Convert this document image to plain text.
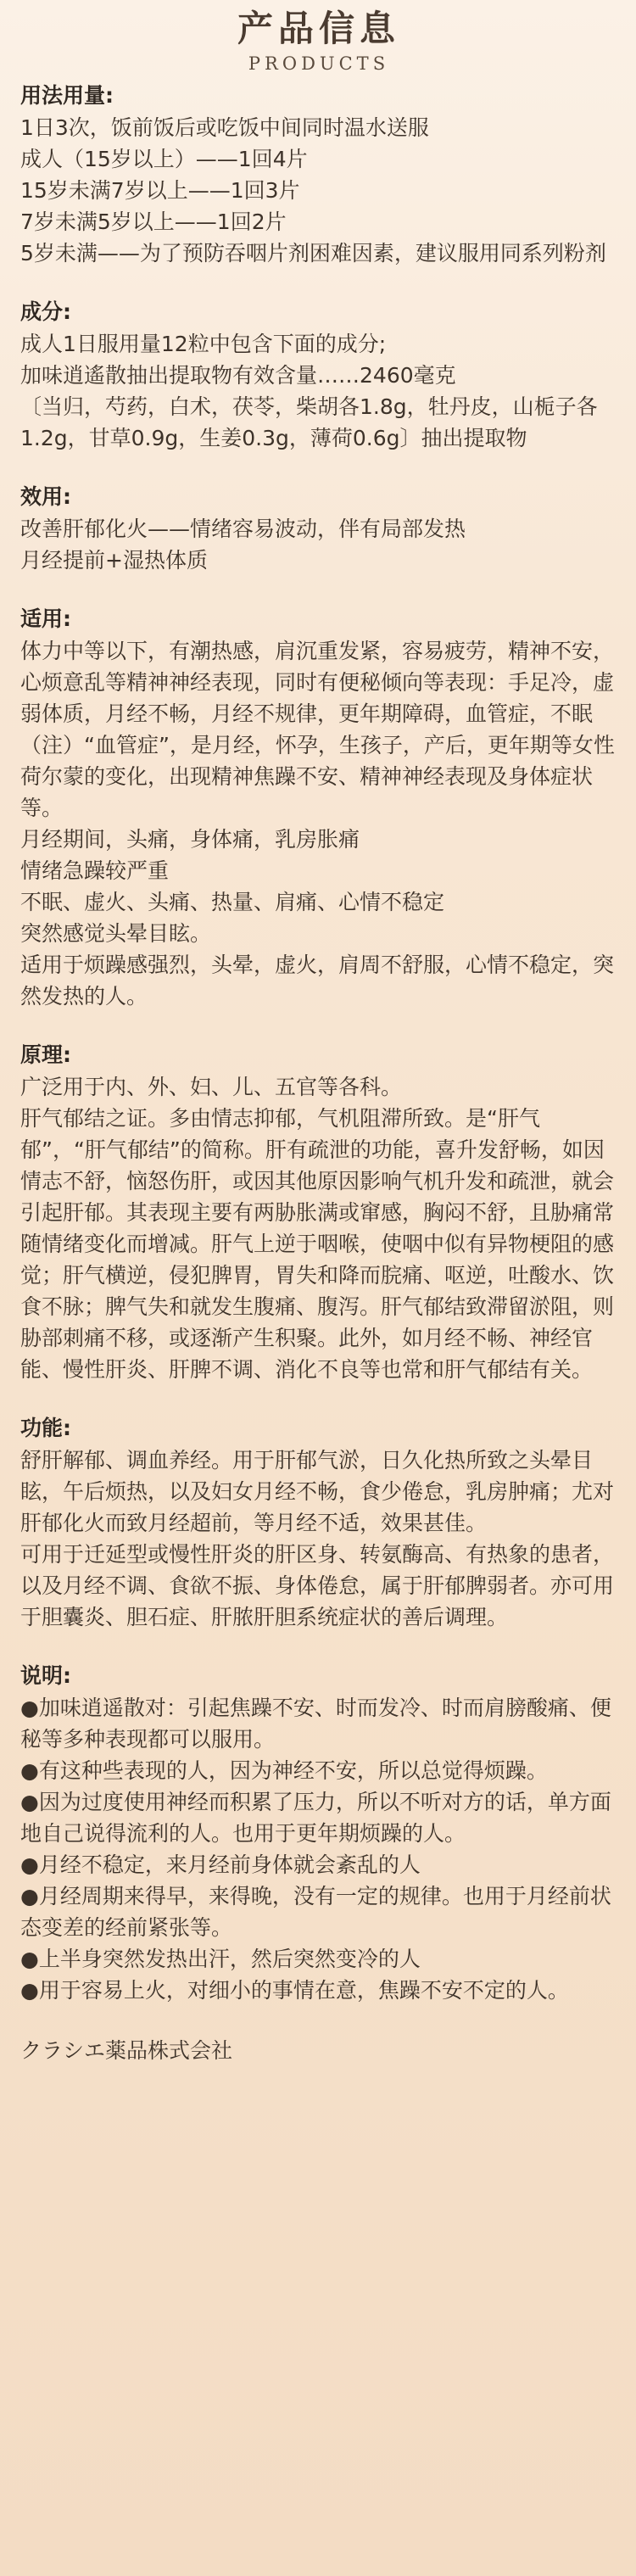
产品信息
PRODUCTS
用法用量:
1日3次，饭前饭后或吃饭中间同时温水送服
成人（15岁以上）——1回4片
15岁未满7岁以上——1回3片
7岁未满5岁以上——1回2片
5岁未满——为了预防吞咽片剂困难因素，建议服用同系列粉剂
成分:
成人1日服用量12粒中包含下面的成分;
加味逍遙散抽出提取物有效含量……2460毫克
〔当归，芍药，白术，茯苓，柴胡各1.8g，牡丹皮，山栀子各1.2g，甘草0.9g，生姜0.3g，薄荷0.6g〕抽出提取物
效用:
改善肝郁化火——情绪容易波动，伴有局部发热
月经提前+湿热体质
适用:
体力中等以下，有潮热感，肩沉重发紧，容易疲劳，精神不安，心烦意乱等精神神经表现，同时有便秘倾向等表现：手足冷，虚弱体质，月经不畅，月经不规律，更年期障碍，血管症，不眠
（注）“血管症”，是月经，怀孕，生孩子，产后，更年期等女性荷尔蒙的变化，出现精神焦躁不安、精神神经表现及身体症状等。
月经期间，头痛，身体痛，乳房胀痛
情绪急躁较严重
不眠、虚火、头痛、热量、肩痛、心情不稳定
突然感觉头晕目眩。
适用于烦躁感强烈，头晕，虚火，肩周不舒服，心情不稳定，突然发热的人。
原理:
广泛用于内、外、妇、儿、五官等各科。
肝气郁结之证。多由情志抑郁，气机阻滞所致。是“肝气郁”，“肝气郁结”的简称。肝有疏泄的功能，喜升发舒畅，如因情志不舒，恼怒伤肝，或因其他原因影响气机升发和疏泄，就会引起肝郁。其表现主要有两胁胀满或窜感，胸闷不舒，且胁痛常随情绪变化而增减。肝气上逆于咽喉，使咽中似有异物梗阻的感觉；肝气横逆，侵犯脾胃，胃失和降而脘痛、呕逆，吐酸水、饮食不脉；脾气失和就发生腹痛、腹泻。肝气郁结致滞留淤阻，则胁部刺痛不移，或逐渐产生积聚。此外，如月经不畅、神经官能、慢性肝炎、肝脾不调、消化不良等也常和肝气郁结有关。
功能:
舒肝解郁、调血养经。用于肝郁气淤，日久化热所致之头晕目眩，午后烦热，以及妇女月经不畅，食少倦怠，乳房肿痛；尤对肝郁化火而致月经超前，等月经不适，效果甚佳。
可用于迁延型或慢性肝炎的肝区身、转氨酶高、有热象的患者，以及月经不调、食欲不振、身体倦怠，属于肝郁脾弱者。亦可用于胆囊炎、胆石症、肝脓肝胆系统症状的善后调理。
说明:
●加味逍遥散对：引起焦躁不安、时而发冷、时而肩膀酸痛、便秘等多种表现都可以服用。
●有这种些表现的人，因为神经不安，所以总觉得烦躁。
●因为过度使用神经而积累了压力，所以不听对方的话，单方面地自己说得流利的人。也用于更年期烦躁的人。
●月经不稳定，来月经前身体就会紊乱的人
●月经周期来得早，来得晚，没有一定的规律。也用于月经前状态变差的经前紧张等。
●上半身突然发热出汗，然后突然变冷的人
●用于容易上火，对细小的事情在意，焦躁不安不定的人。
クラシエ薬品株式会社
